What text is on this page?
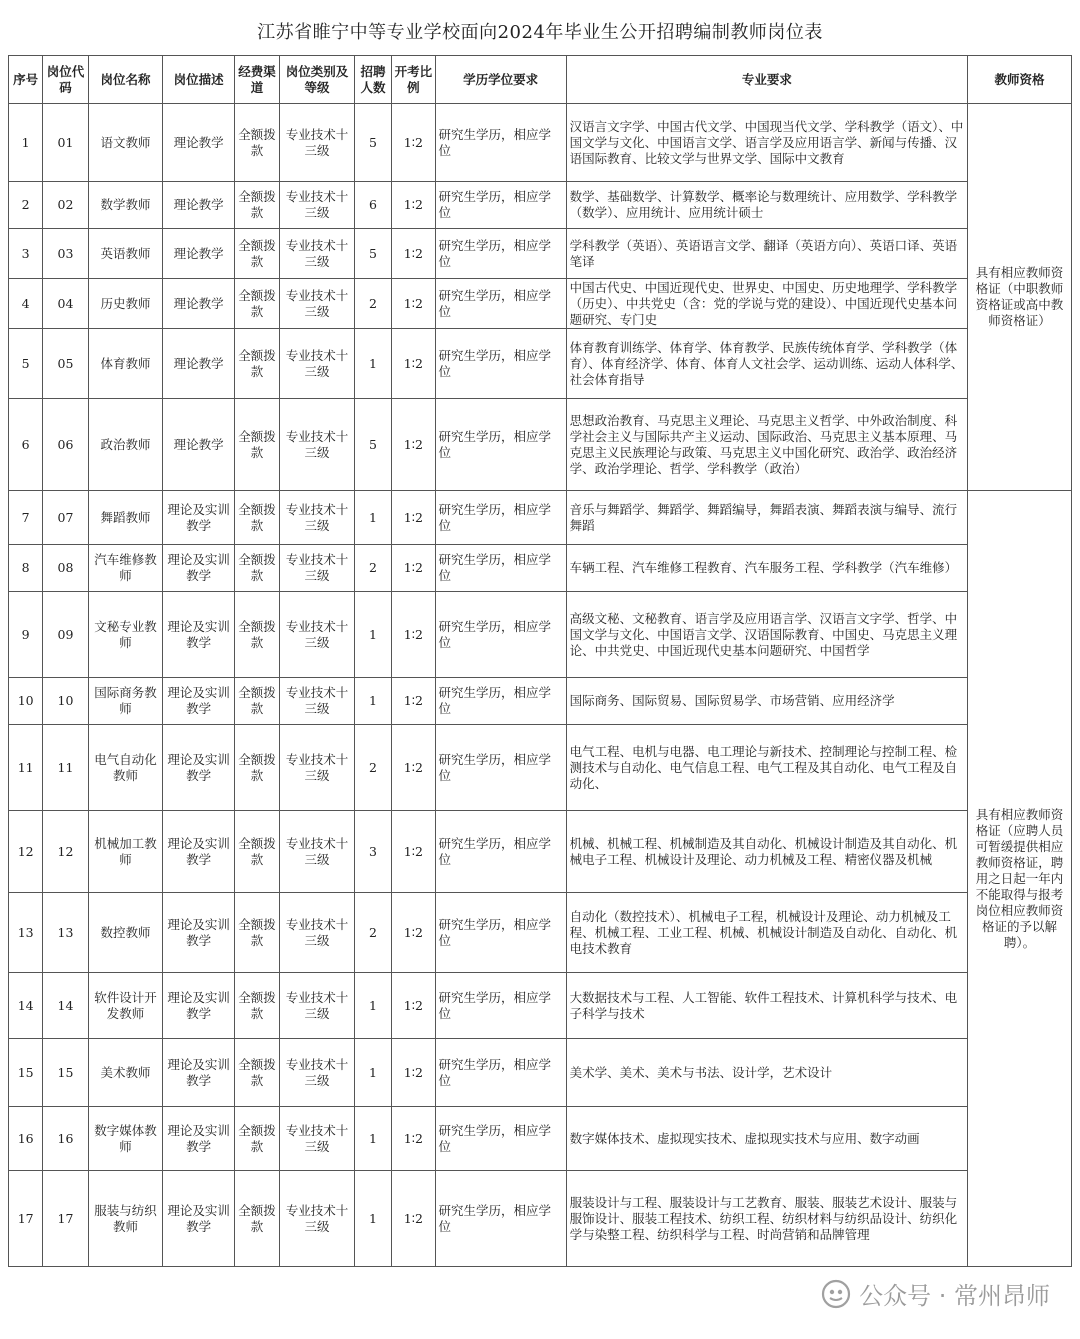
江苏省睢宁中等专业学校面向2024年毕业生公开招聘编制教师岗位表
序号	岗位代码	岗位名称	岗位描述	经费渠道	岗位类别及等级	招聘人数	开考比例	学历学位要求	专业要求	教师资格
1	01	语文教师	理论教学	全额拨款	专业技术十三级	5	1∶2	研究生学历，相应学位	汉语言文字学、中国古代文学、中国现当代文学、学科教学（语文）、中国文学与文化、中国语言文学、语言学及应用语言学、新闻与传播、汉语国际教育、比较文学与世界文学、国际中文教育	具有相应教师资格证（中职教师资格证或高中教师资格证）
2	02	数学教师	理论教学	全额拨款	专业技术十三级	6	1∶2	研究生学历，相应学位	数学、基础数学、计算数学、概率论与数理统计、应用数学、学科教学（数学）、应用统计、应用统计硕士	
3	03	英语教师	理论教学	全额拨款	专业技术十三级	5	1∶2	研究生学历，相应学位	学科教学（英语）、英语语言文学、翻译（英语方向）、英语口译、英语笔译	
4	04	历史教师	理论教学	全额拨款	专业技术十三级	2	1∶2	研究生学历，相应学位	中国古代史、中国近现代史、世界史、中国史、历史地理学、学科教学（历史）、中共党史（含：党的学说与党的建设）、中国近现代史基本问题研究、专门史	
5	05	体育教师	理论教学	全额拨款	专业技术十三级	1	1∶2	研究生学历，相应学位	体育教育训练学、体育学、体育教学、民族传统体育学、学科教学（体育）、体育经济学、体育、体育人文社会学、运动训练、运动人体科学、社会体育指导	
6	06	政治教师	理论教学	全额拨款	专业技术十三级	5	1∶2	研究生学历，相应学位	思想政治教育、马克思主义理论、马克思主义哲学、中外政治制度、科学社会主义与国际共产主义运动、国际政治、马克思主义基本原理、马克思主义民族理论与政策、马克思主义中国化研究、政治学、政治经济学、政治学理论、哲学、学科教学（政治）	
7	07	舞蹈教师	理论及实训教学	全额拨款	专业技术十三级	1	1∶2	研究生学历，相应学位	音乐与舞蹈学、舞蹈学、舞蹈编导，舞蹈表演、舞蹈表演与编导、流行舞蹈	具有相应教师资格证（应聘人员可暂缓提供相应教师资格证，聘用之日起一年内不能取得与报考岗位相应教师资格证的予以解聘）。
8	08	汽车维修教师	理论及实训教学	全额拨款	专业技术十三级	2	1∶2	研究生学历，相应学位	车辆工程、汽车维修工程教育、汽车服务工程、学科教学（汽车维修）	
9	09	文秘专业教师	理论及实训教学	全额拨款	专业技术十三级	1	1∶2	研究生学历，相应学位	高级文秘、文秘教育、语言学及应用语言学、汉语言文字学、哲学、中国文学与文化、中国语言文学、汉语国际教育、中国史、马克思主义理论、中共党史、中国近现代史基本问题研究、中国哲学	
10	10	国际商务教师	理论及实训教学	全额拨款	专业技术十三级	1	1∶2	研究生学历，相应学位	国际商务、国际贸易、国际贸易学、市场营销、应用经济学	
11	11	电气自动化教师	理论及实训教学	全额拨款	专业技术十三级	2	1∶2	研究生学历，相应学位	电气工程、电机与电器、电工理论与新技术、控制理论与控制工程、检测技术与自动化、电气信息工程、电气工程及其自动化、电气工程及自动化、	
12	12	机械加工教师	理论及实训教学	全额拨款	专业技术十三级	3	1∶2	研究生学历，相应学位	机械、机械工程、机械制造及其自动化、机械设计制造及其自动化、机械电子工程、机械设计及理论、动力机械及工程、精密仪器及机械	
13	13	数控教师	理论及实训教学	全额拨款	专业技术十三级	2	1∶2	研究生学历，相应学位	自动化（数控技术）、机械电子工程，机械设计及理论、动力机械及工程、机械工程、工业工程、机械、机械设计制造及自动化、自动化、机电技术教育	
14	14	软件设计开发教师	理论及实训教学	全额拨款	专业技术十三级	1	1∶2	研究生学历，相应学位	大数据技术与工程、人工智能、软件工程技术、计算机科学与技术、电子科学与技术	
15	15	美术教师	理论及实训教学	全额拨款	专业技术十三级	1	1∶2	研究生学历，相应学位	美术学、美术、美术与书法、设计学，艺术设计	
16	16	数字媒体教师	理论及实训教学	全额拨款	专业技术十三级	1	1∶2	研究生学历，相应学位	数字媒体技术、虚拟现实技术、虚拟现实技术与应用、数字动画	
17	17	服装与纺织教师	理论及实训教学	全额拨款	专业技术十三级	1	1∶2	研究生学历，相应学位	服装设计与工程、服装设计与工艺教育、服装、服装艺术设计、服装与服饰设计、服装工程技术、纺织工程、纺织材料与纺织品设计、纺织化学与染整工程、纺织科学与工程、时尚营销和品牌管理	
公众号 · 常州昂师
